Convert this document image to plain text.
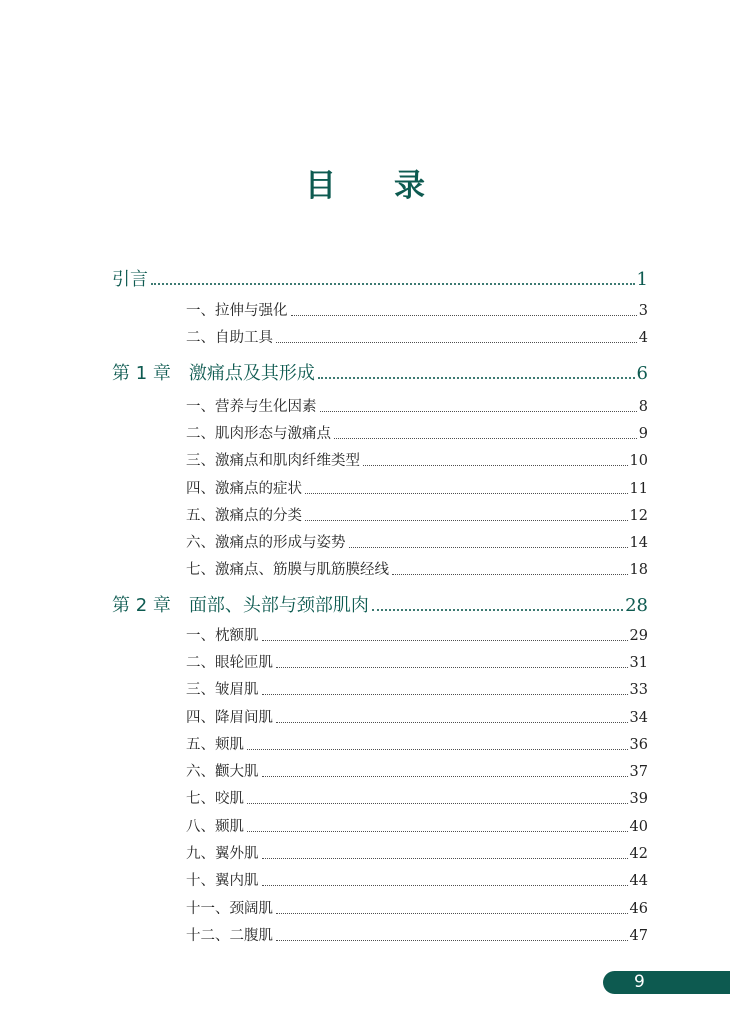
目 录
引言	1
一、拉伸与强化	3
二、自助工具	4
第 1 章　激痛点及其形成	6
一、营养与生化因素	8
二、肌肉形态与激痛点	9
三、激痛点和肌肉纤维类型	10
四、激痛点的症状	11
五、激痛点的分类	12
六、激痛点的形成与姿势	14
七、激痛点、筋膜与肌筋膜经线	18
第 2 章　面部、头部与颈部肌肉	28
一、枕额肌	29
二、眼轮匝肌	31
三、皱眉肌	33
四、降眉间肌	34
五、颊肌	36
六、颧大肌	37
七、咬肌	39
八、颞肌	40
九、翼外肌	42
十、翼内肌	44
十一、颈阔肌	46
十二、二腹肌	47
9
